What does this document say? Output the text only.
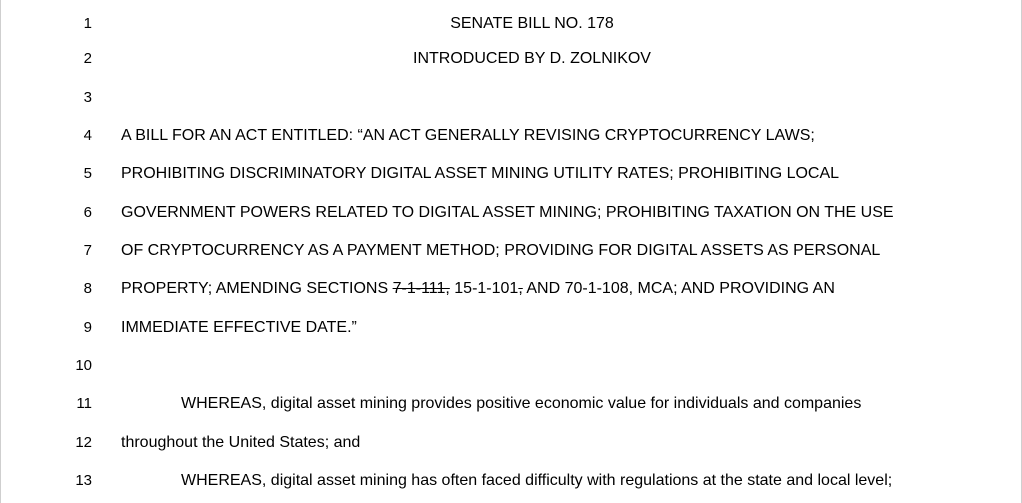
1	SENATE BILL NO. 178
2	INTRODUCED BY D. ZOLNIKOV
3
4 A BILL FOR AN ACT ENTITLED: “AN ACT GENERALLY REVISING CRYPTOCURRENCY LAWS;
5 PROHIBITING DISCRIMINATORY DIGITAL ASSET MINING UTILITY RATES; PROHIBITING LOCAL
6 GOVERNMENT POWERS RELATED TO DIGITAL ASSET MINING; PROHIBITING TAXATION ON THE USE
7 OF CRYPTOCURRENCY AS A PAYMENT METHOD; PROVIDING FOR DIGITAL ASSETS AS PERSONAL
8 PROPERTY; AMENDING SECTIONS 7-1-111, 15-1-101, AND 70-1-108, MCA; AND PROVIDING AN
9 IMMEDIATE EFFECTIVE DATE.”
10
11	WHEREAS, digital asset mining provides positive economic value for individuals and companies
12 throughout the United States; and
13	WHEREAS, digital asset mining has often faced difficulty with regulations at the state and local level;
